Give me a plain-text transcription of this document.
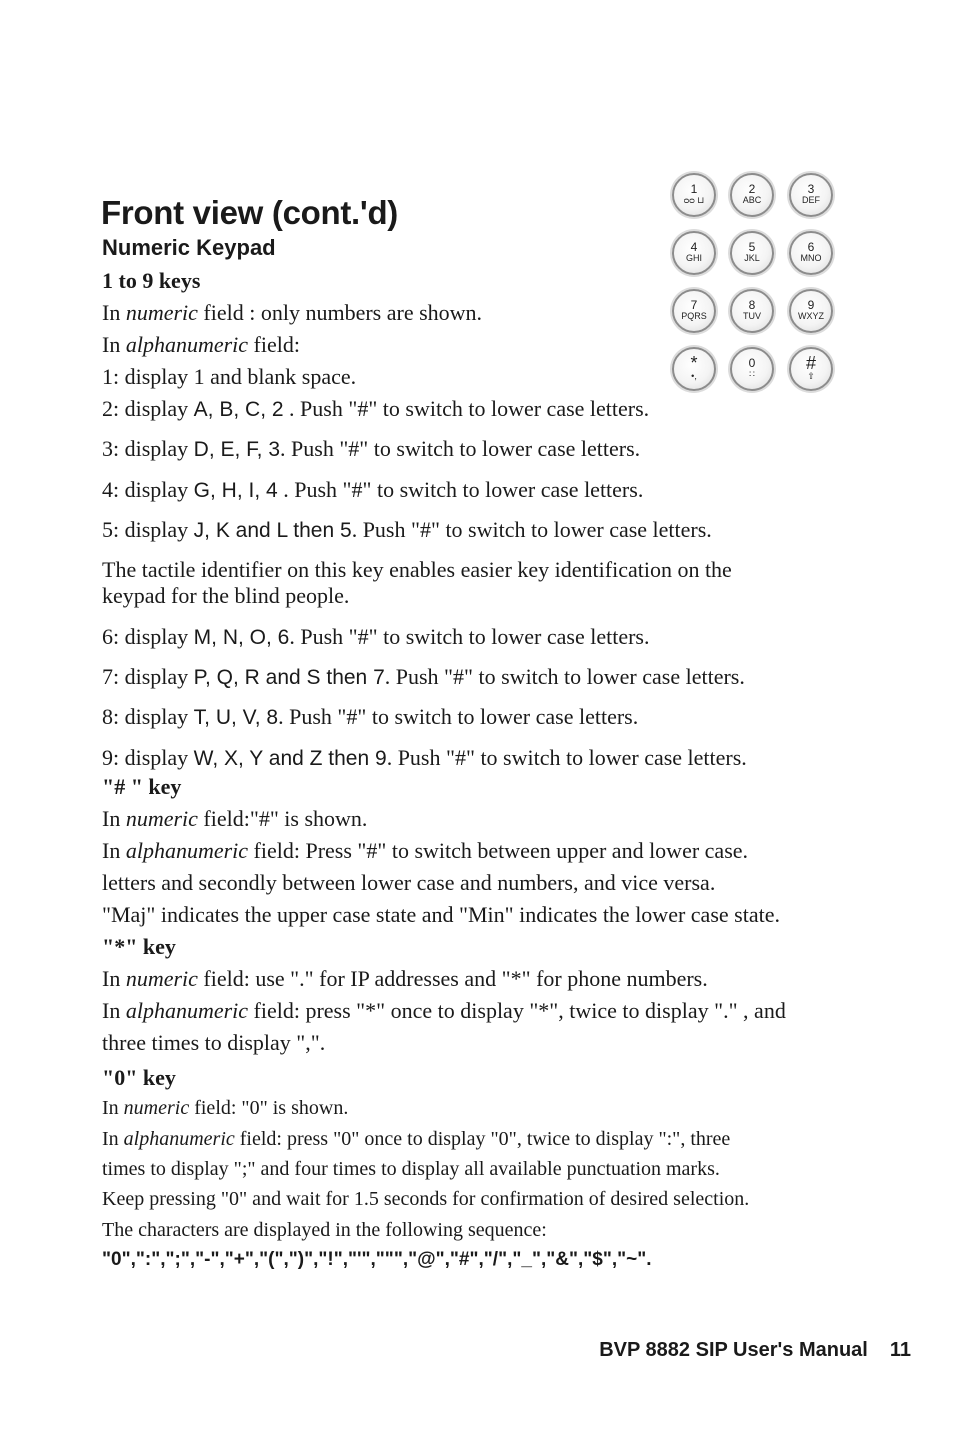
1
ᴑᴑ ⊔
2
ABC
3
DEF
4
GHI
5
JKL
6
MNO
7
PQRS
8
TUV
9
WXYZ
*
•,
0
∷
#
⇧
Front view (cont.'d)
Numeric Keypad
1 to 9 keys
In numeric field : only numbers are shown.
In alphanumeric field:
1: display 1 and blank space.
2: display A, B, C, 2 . Push "#" to switch to lower case letters.
3: display D, E, F, 3. Push "#" to switch to lower case letters.
4: display G, H, I, 4 . Push "#" to switch to lower case letters.
5: display J, K and L then 5. Push "#" to switch to lower case letters.
The tactile identifier on this key enables easier key identification on the
keypad for the blind people.
6: display M, N, O, 6. Push "#" to switch to lower case letters.
7: display P, Q, R and S then 7. Push "#" to switch to lower case letters.
8: display T, U, V, 8. Push "#" to switch to lower case letters.
9: display W, X, Y and Z then 9. Push "#" to switch to lower case letters.
"# " key
In numeric field:"#" is shown.
In alphanumeric field: Press "#" to switch between upper and lower case.
letters and secondly between lower case and numbers, and vice versa.
"Maj" indicates the upper case state and "Min" indicates the lower case state.
"*" key
In numeric field: use "." for IP addresses and "*" for phone numbers.
In alphanumeric field: press "*" once to display "*", twice to display "." , and
three times to display ",".
"0" key
In numeric field: "0" is shown.
In alphanumeric field: press "0" once to display "0", twice to display ":", three
times to display ";" and four times to display all available punctuation marks.
Keep pressing "0" and wait for 1.5 seconds for confirmation of desired selection.
The characters are displayed in the following sequence:
"0",":",";","-","+","(",")","!","'",""","@","#","/","_","&","$","~".
BVP 8882 SIP User's Manual 11
